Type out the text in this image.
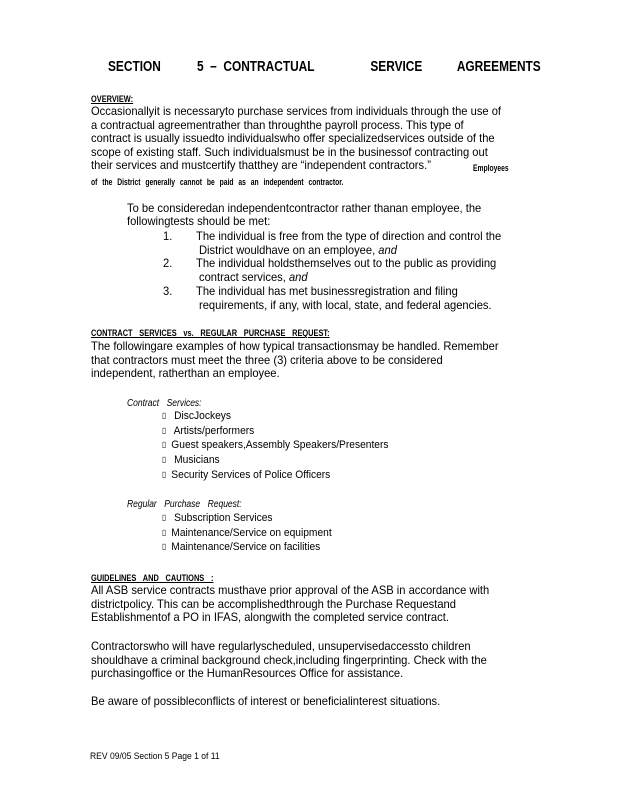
SECTION 5 – CONTRACTUAL	SERVICE AGREEMENTS
OVERVIEW:
Occasionallyit is necessaryto purchase services from individuals through the use of
a contractual agreementrather than throughthe payroll process. This type of
contract is usually issuedto individualswho offer specializedservices outside of the
scope of existing staff. Such individualsmust be in the businessof contracting out
their services and mustcertify thatthey are “independent contractors.”	Employees
of the District generally cannot be paid as an independent contractor.
To be consideredan independentcontractor rather thanan employee, the
followingtests should be met:
1. The individual is free from the type of direction and control the
District wouldhave on an employee, and
2. The individual holdsthemselves out to the public as providing
contract services, and
3. The individual has met businessregistration and filing
requirements, if any, with local, state, and federal agencies.
CONTRACT SERVICES vs. REGULAR PURCHASE REQUEST:
The followingare examples of how typical transactionsmay be handled. Remember
that contractors must meet the three (3) criteria above to be considered
independent, ratherthan an employee.
Contract Services:
▯ DiscJockeys
▯ Artists/performers
▯ Guest speakers,Assembly Speakers/Presenters
▯ Musicians
▯ Security Services of Police Officers
Regular Purchase Request:
▯ Subscription Services
▯ Maintenance/Service on equipment
▯ Maintenance/Service on facilities
GUIDELINES AND CAUTIONS :
All ASB service contracts musthave prior approval of the ASB in accordance with
districtpolicy. This can be accomplishedthrough the Purchase Requestand
Establishmentof a PO in IFAS, alongwith the completed service contract.
Contractorswho will have regularlyscheduled, unsupervisedaccessto children
shouldhave a criminal background check,including fingerprinting. Check with the
purchasingoffice or the HumanResources Office for assistance.
Be aware of possibleconflicts of interest or beneficialinterest situations.
REV 09/05 Section 5 Page 1 of 11
